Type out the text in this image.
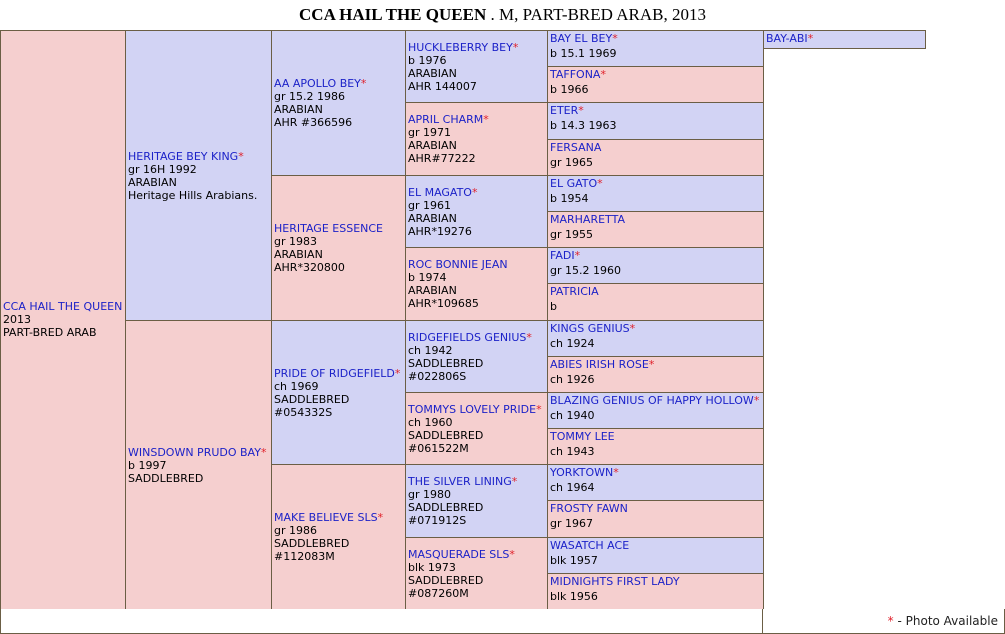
CCA HAIL THE QUEEN . M, PART-BRED ARAB, 2013
CCA HAIL THE QUEEN
2013
PART-BRED ARAB
HERITAGE BEY KING*
gr 16H 1992
ARABIAN
Heritage Hills Arabians.
WINSDOWN PRUDO BAY*
b 1997
SADDLEBRED
AA APOLLO BEY*
gr 15.2 1986
ARABIAN
AHR #366596
HERITAGE ESSENCE
gr 1983
ARABIAN
AHR*320800
PRIDE OF RIDGEFIELD*
ch 1969
SADDLEBRED
#054332S
MAKE BELIEVE SLS*
gr 1986
SADDLEBRED
#112083M
HUCKLEBERRY BEY*
b 1976
ARABIAN
AHR 144007
APRIL CHARM*
gr 1971
ARABIAN
AHR#77222
EL MAGATO*
gr 1961
ARABIAN
AHR*19276
ROC BONNIE JEAN
b 1974
ARABIAN
AHR*109685
RIDGEFIELDS GENIUS*
ch 1942
SADDLEBRED
#022806S
TOMMYS LOVELY PRIDE*
ch 1960
SADDLEBRED
#061522M
THE SILVER LINING*
gr 1980
SADDLEBRED
#071912S
MASQUERADE SLS*
blk 1973
SADDLEBRED
#087260M
BAY EL BEY*
b 15.1 1969
TAFFONA*
b 1966
ETER*
b 14.3 1963
FERSANA
gr 1965
EL GATO*
b 1954
MARHARETTA
gr 1955
FADI*
gr 15.2 1960
PATRICIA
b
KINGS GENIUS*
ch 1924
ABIES IRISH ROSE*
ch 1926
BLAZING GENIUS OF HAPPY HOLLOW*
ch 1940
TOMMY LEE
ch 1943
YORKTOWN*
ch 1964
FROSTY FAWN
gr 1967
WASATCH ACE
blk 1957
MIDNIGHTS FIRST LADY
blk 1956
BAY-ABI*
* - Photo Available
